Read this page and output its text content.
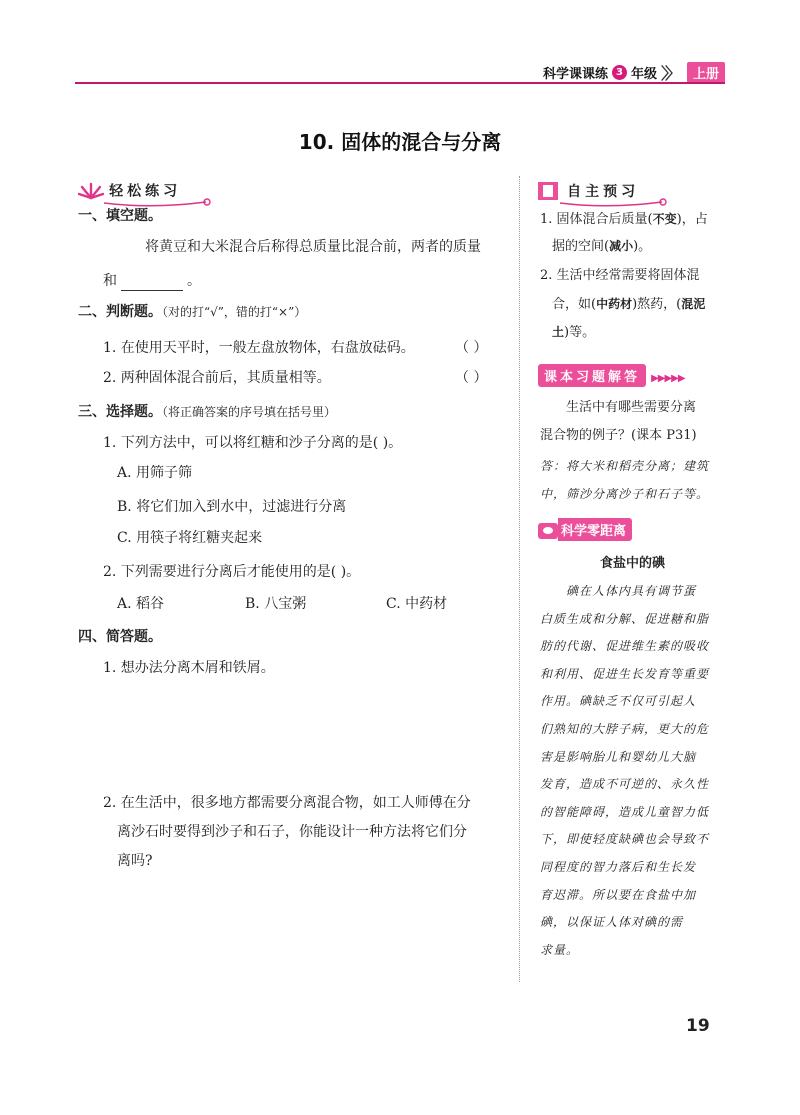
科学课课练 3 年级 〉〉	上册
10. 固体的混合与分离
轻松练习
一、填空题。
将黄豆和大米混合后称得总质量比混合前，两者的质量
和	。
二、判断题。（对的打“√”，错的打“×”）
1. 在使用天平时，一般左盘放物体，右盘放砝码。	（ ）
2. 两种固体混合前后，其质量相等。	（ ）
三、选择题。（将正确答案的序号填在括号里）
1. 下列方法中，可以将红糖和沙子分离的是( )。
A. 用筛子筛
B. 将它们加入到水中，过滤进行分离
C. 用筷子将红糖夹起来
2. 下列需要进行分离后才能使用的是( )。
A. 稻谷	B. 八宝粥	C. 中药材
四、简答题。
1. 想办法分离木屑和铁屑。
2. 在生活中，很多地方都需要分离混合物，如工人师傅在分
离沙石时要得到沙子和石子，你能设计一种方法将它们分
离吗?
自主预习
1. 固体混合后质量(不变)，占
据的空间(减小)。
2. 生活中经常需要将固体混
合，如(中药材)熬药，(混泥
土)等。
课本习题解答 ▶▶▶▶▶
生活中有哪些需要分离
混合物的例子？(课本 P31)
答：将大米和稻壳分离；建筑
中，筛沙分离沙子和石子等。
科学零距离
食盐中的碘
碘在人体内具有调节蛋
白质生成和分解、促进糖和脂
肪的代谢、促进维生素的吸收
和利用、促进生长发育等重要
作用。碘缺乏不仅可引起人
们熟知的大脖子病，更大的危
害是影响胎儿和婴幼儿大脑
发育，造成不可逆的、永久性
的智能障碍，造成儿童智力低
下，即使轻度缺碘也会导致不
同程度的智力落后和生长发
育迟滞。所以要在食盐中加
碘，以保证人体对碘的需
求量。
19
